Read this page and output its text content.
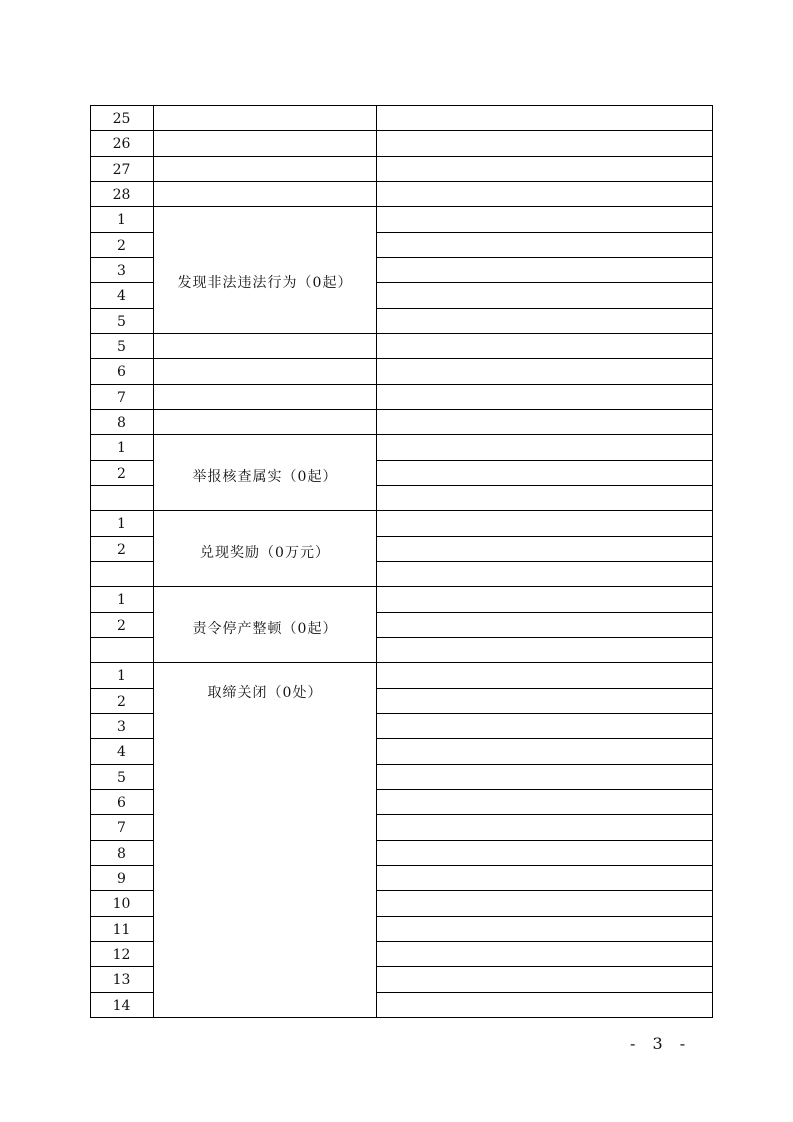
25
26
27
28
1
2
3
4
5
5
6
7
8
1
2
1
2
1
2
1
2
3
4
5
6
7
8
9
10
11
12
13
14
发现非法违法行为（0起）
举报核查属实（0起）
兑现奖励（0万元）
责令停产整顿（0起）
取缔关闭（0处）
- 3 -
